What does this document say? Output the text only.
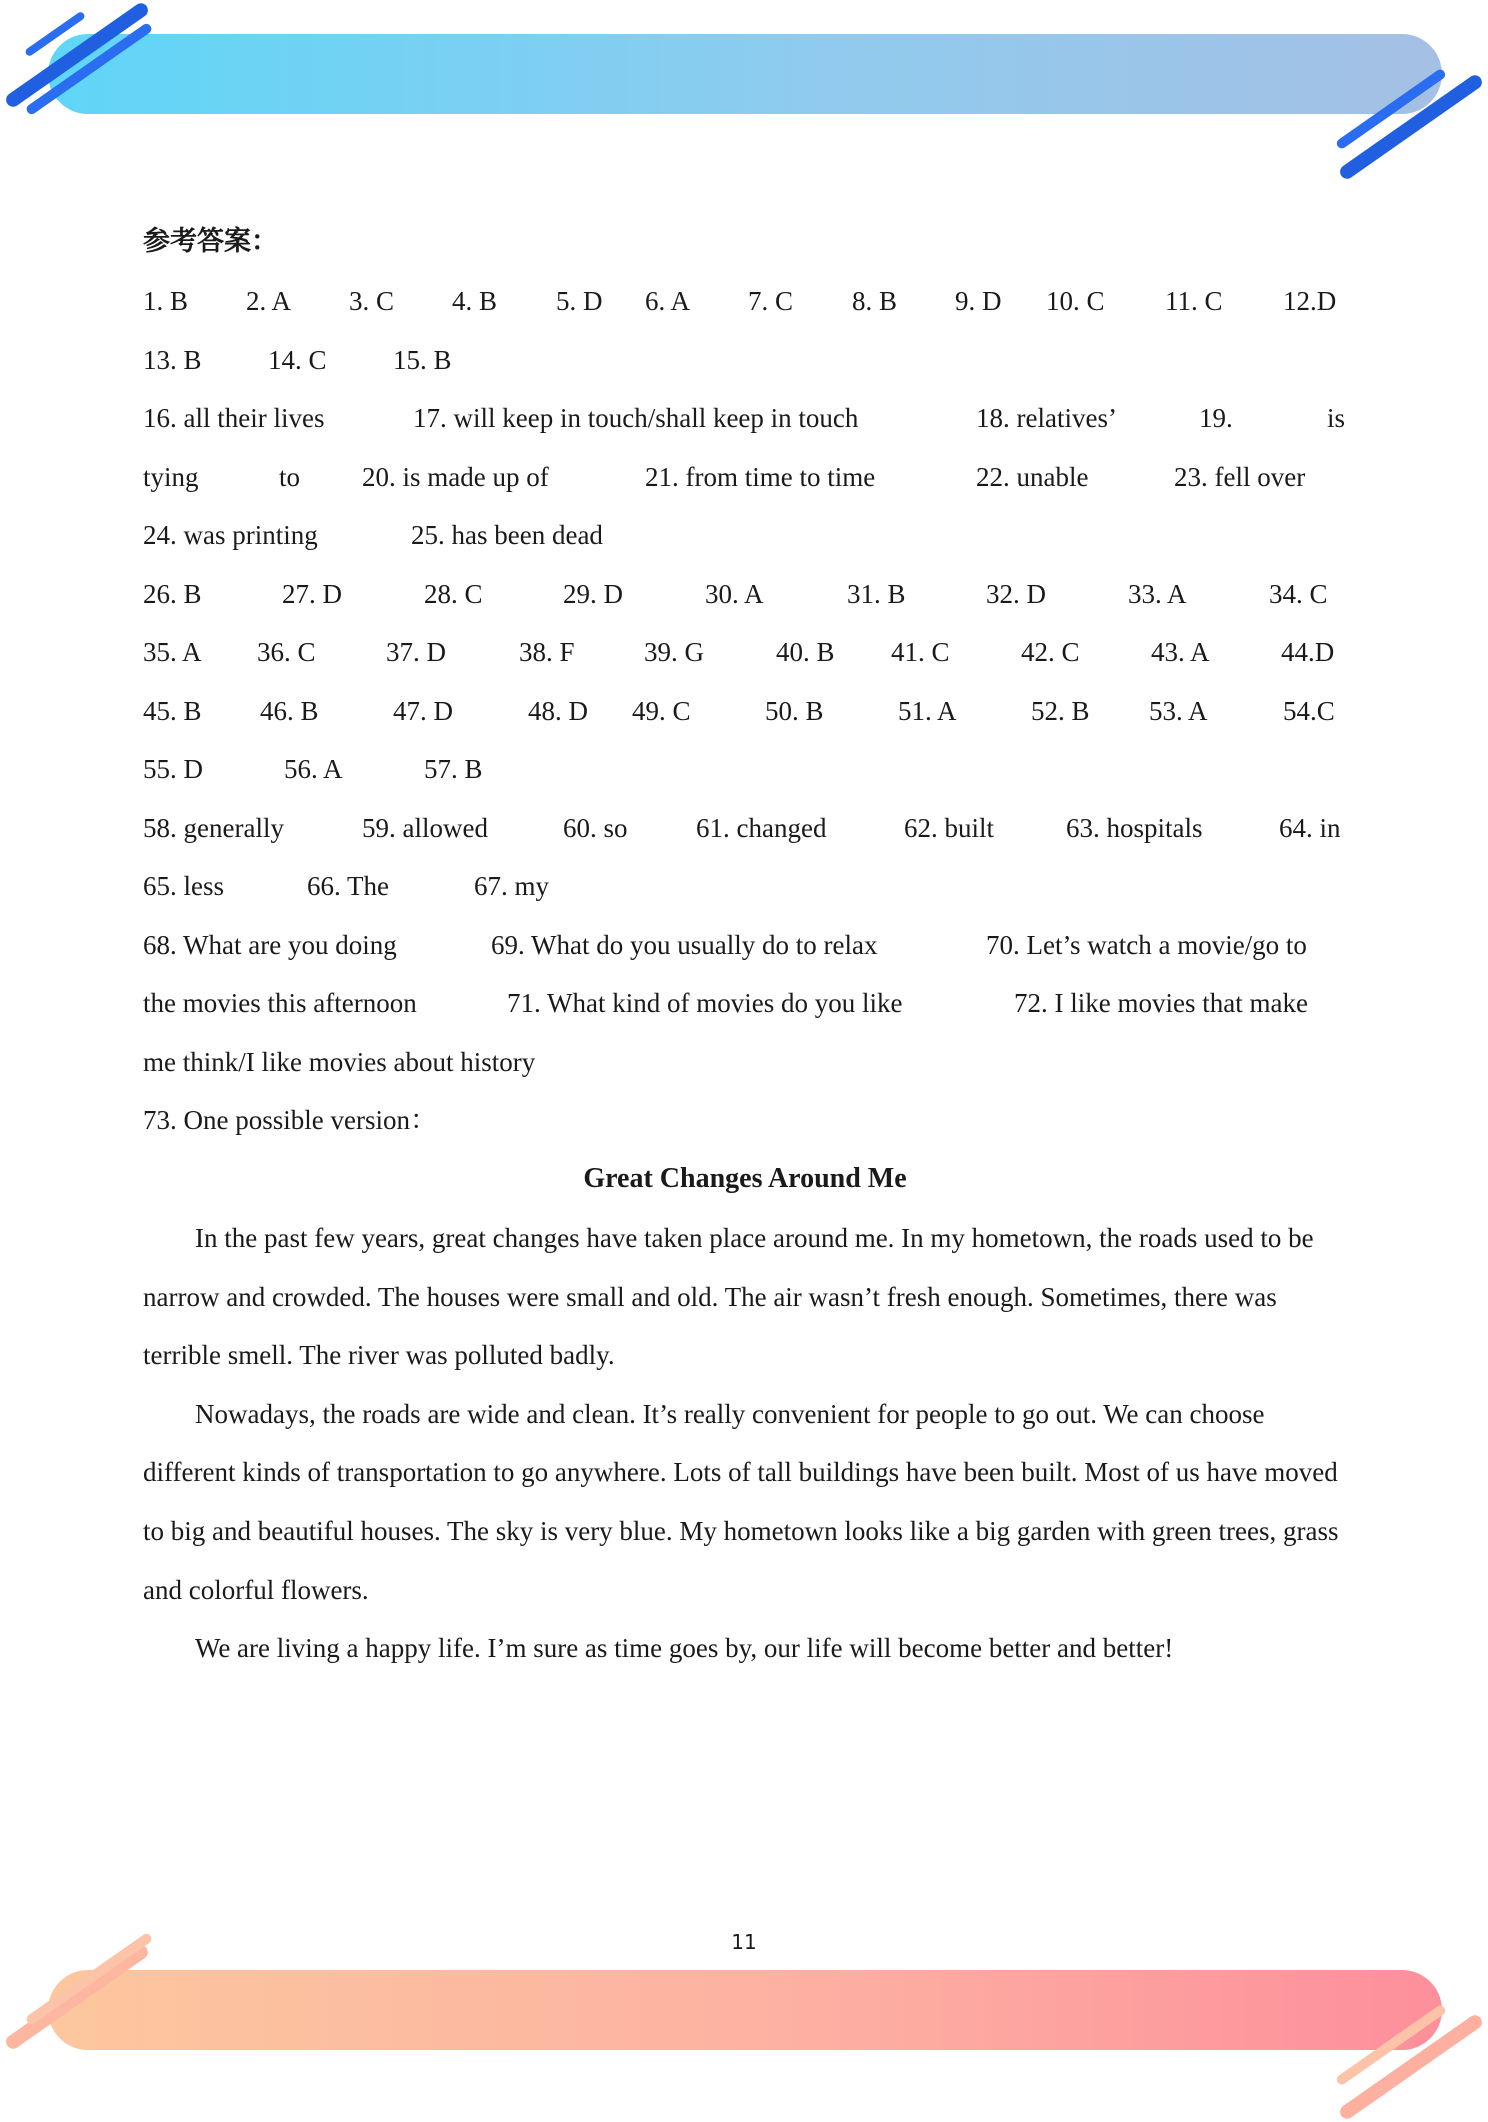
参考答案：
1. B 2. A 3. C 4. B 5. D 6. A 7. C 8. B 9. D 10. C 11. C 12.D
13. B 14. C 15. B
16. all their lives	17. will keep in touch/shall keep in touch	18. relatives’	19.	is
tying	to 20. is made up of	21. from time to time	22. unable	23. fell over
24. was printing	25. has been dead
26. B	27. D	28. C	29. D	30. A	31. B	32. D	33. A	34. C
35. A 36. C	37. D	38. F	39. G	40. B 41. C	42. C	43. A	44.D
45. B 46. B	47. D	48. D 49. C	50. B	51. A	52. B 53. A	54.C
55. D	56. A	57. B
58. generally	59. allowed	60. so	61. changed	62. built	63. hospitals	64. in
65. less	66. The	67. my
68. What are you doing	69. What do you usually do to relax	70. Let’s watch a movie/go to
the movies this afternoon	71. What kind of movies do you like	72. I like movies that make
me think/I like movies about history
73. One possible version：
Great Changes Around Me

In the past few years, great changes have taken place around me. In my hometown, the roads used to be narrow and crowded. The houses were small and old. The air wasn’t fresh enough. Sometimes, there was terrible smell. The river was polluted badly.

Nowadays, the roads are wide and clean. It’s really convenient for people to go out. We can choose different kinds of transportation to go anywhere. Lots of tall buildings have been built. Most of us have moved to big and beautiful houses. The sky is very blue. My hometown looks like a big garden with green trees, grass and colorful flowers.

We are living a happy life. I’m sure as time goes by, our life will become better and better!

11
